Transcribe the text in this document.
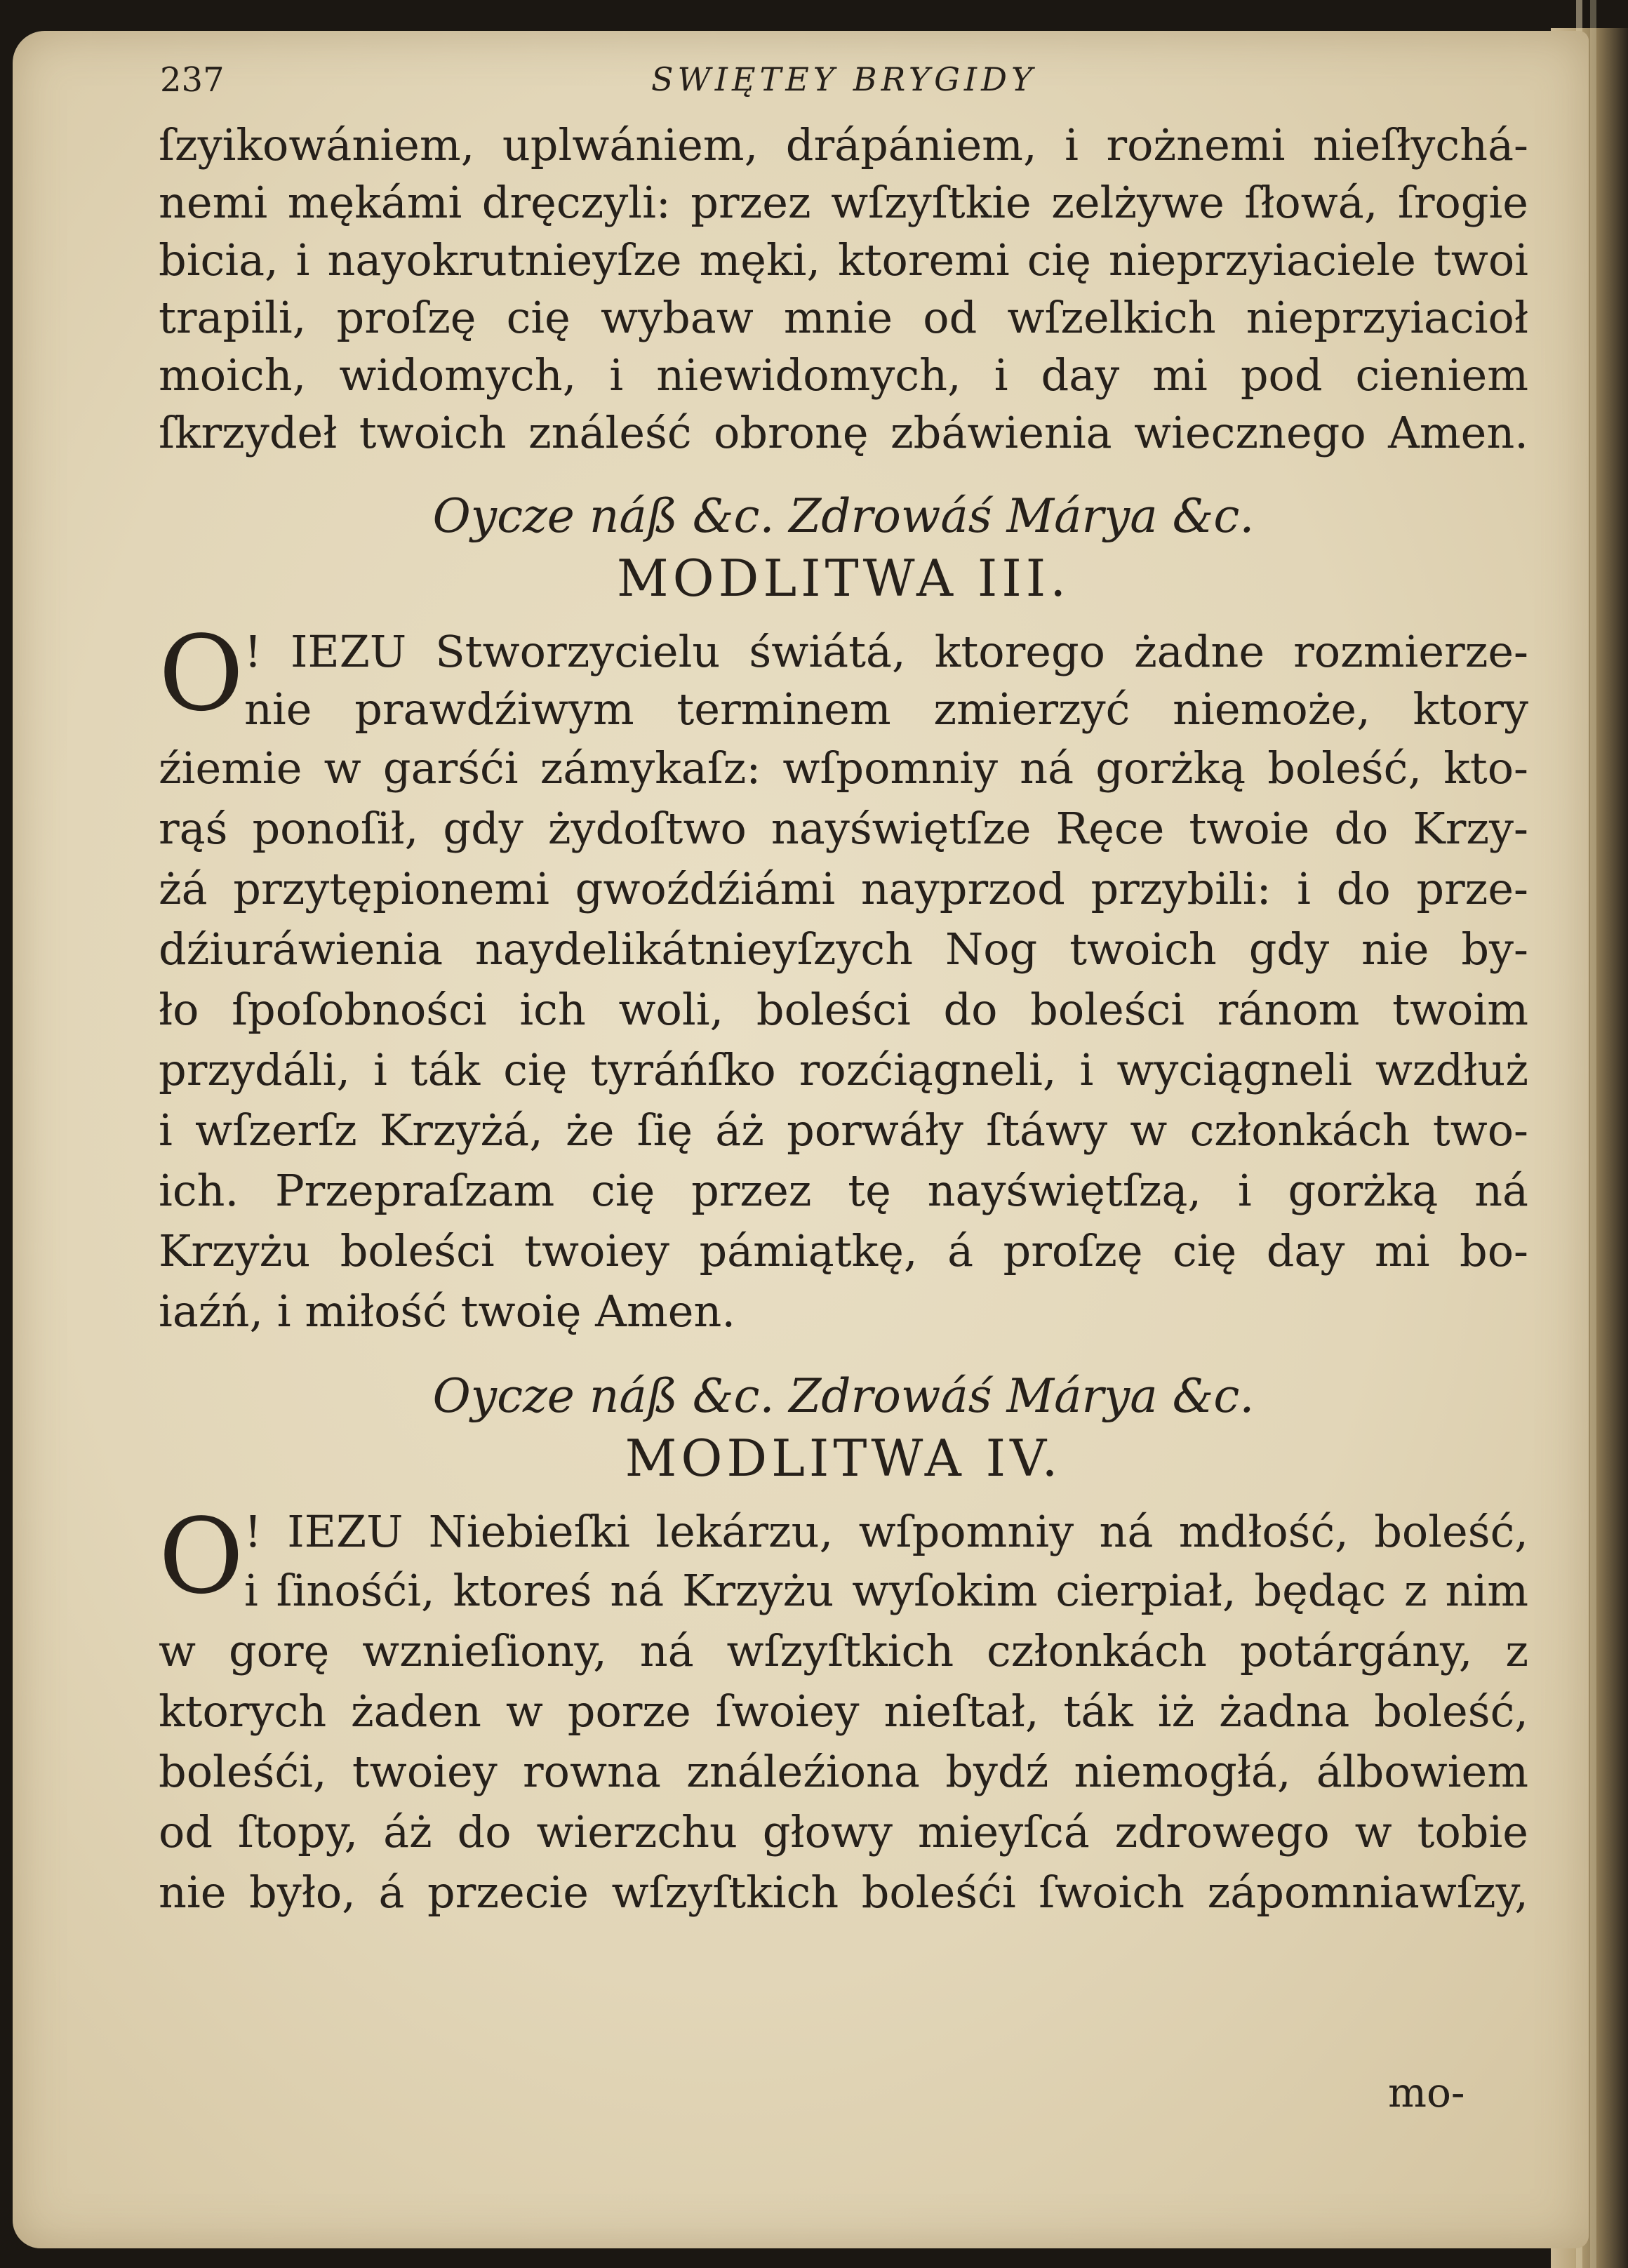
237	SWIĘTEY BRYGIDY
ſzyikowániem, uplwániem, drápániem, i rożnemi nieſłychá-
nemi mękámi dręczyli: przez wſzyſtkie zelżywe ſłowá, ſrogie
bicia, i nayokrutnieyſze męki, ktoremi cię nieprzyiaciele twoi
trapili, proſzę cię wybaw mnie od wſzelkich nieprzyiacioł
moich, widomych, i niewidomych, i day mi pod cieniem
ſkrzydeł twoich ználeść obronę zbáwienia wiecznego Amen.
Oycze náß &c. Zdrowáś Márya &c.
MODLITWA III.
O ! IEZU Stworzycielu świátá, ktorego żadne rozmierze-
nie prawdźiwym terminem zmierzyć niemoże, ktory
źiemie w garśći zámykaſz: wſpomniy ná gorżką boleść, kto-
rąś ponoſił, gdy żydoſtwo nayświętſze Ręce twoie do Krzy-
żá przytępionemi gwoźdźiámi nayprzod przybili: i do prze-
dźiuráwienia naydelikátnieyſzych Nog twoich gdy nie by-
ło ſpoſobności ich woli, boleści do boleści ránom twoim
przydáli, i ták cię tyráńſko rozćiągneli, i wyciągneli wzdłuż
i wſzerſz Krzyżá, że ſię áż porwáły ſtáwy w członkách two-
ich. Przepraſzam cię przez tę nayświętſzą, i gorżką ná
Krzyżu boleści twoiey pámiątkę, á proſzę cię day mi bo-
iaźń, i miłość twoię Amen.
Oycze náß &c. Zdrowáś Márya &c.
MODLITWA IV.
O ! IEZU Niebieſki lekárzu, wſpomniy ná mdłość, boleść,
i ſinośći, ktoreś ná Krzyżu wyſokim cierpiał, będąc z nim
w gorę wznieſiony, ná wſzyſtkich członkách potárgány, z
ktorych żaden w porze ſwoiey nieſtał, ták iż żadna boleść,
boleśći, twoiey rowna ználeźiona bydź niemogłá, álbowiem
od ſtopy, áż do wierzchu głowy mieyſcá zdrowego w tobie
nie było, á przecie wſzyſtkich boleśći ſwoich zápomniawſzy,
mo-
